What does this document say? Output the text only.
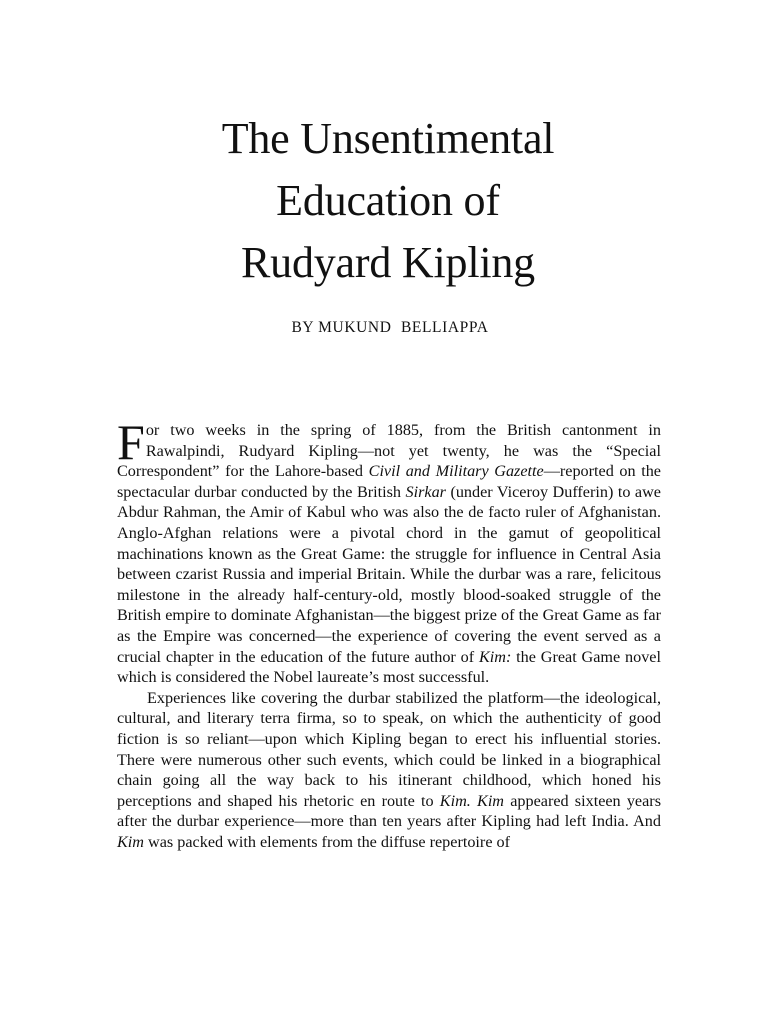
The Unsentimental
Education of
Rudyard Kipling
BY MUKUND BELLIAPPA

For two weeks in the spring of 1885, from the British cantonment in Rawalpindi, Rudyard Kipling—not yet twenty, he was the “Special Correspondent” for the Lahore-based Civil and Military Gazette—reported on the spectacular durbar conducted by the British Sirkar (under Viceroy Dufferin) to awe Abdur Rahman, the Amir of Kabul who was also the de facto ruler of Afghanistan. Anglo-Afghan relations were a pivotal chord in the gamut of geopolitical machinations known as the Great Game: the struggle for influence in Central Asia between czarist Russia and imperial Britain. While the durbar was a rare, felicitous milestone in the already half-century-old, mostly blood-soaked struggle of the British empire to dominate Afghanistan—the biggest prize of the Great Game as far as the Empire was concerned—the experience of covering the event served as a crucial chapter in the education of the future author of Kim: the Great Game novel which is considered the Nobel laureate’s most successful.

Experiences like covering the durbar stabilized the platform—the ideological, cultural, and literary terra firma, so to speak, on which the authenticity of good fiction is so reliant—upon which Kipling began to erect his influential stories. There were numerous other such events, which could be linked in a biographical chain going all the way back to his itinerant childhood, which honed his perceptions and shaped his rhetoric en route to Kim. Kim appeared sixteen years after the durbar experience—more than ten years after Kipling had left India. And Kim was packed with elements from the diffuse repertoire of
